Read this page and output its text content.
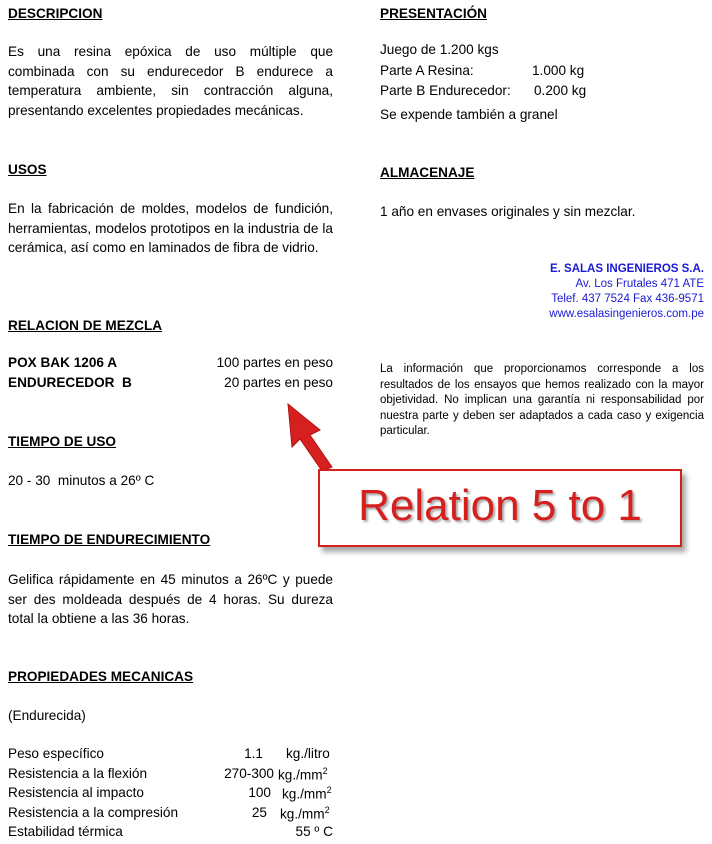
DESCRIPCION
Es una resina epóxica de uso múltiple que combinada con su endurecedor B endurece a temperatura ambiente, sin contracción alguna, presentando excelentes propiedades mecánicas.
USOS
En la fabricación de moldes, modelos de fundición, herramientas, modelos prototipos en la industria de la cerámica, así como en laminados de fibra de vidrio.
RELACION DE MEZCLA
POX BAK 1206 A	100 partes en peso
ENDURECEDOR  B	20 partes en peso
TIEMPO DE USO
20 - 30  minutos a 26º C
TIEMPO DE ENDURECIMIENTO
Gelifica rápidamente en 45 minutos a 26ºC y puede ser des moldeada después de 4 horas. Su dureza total la obtiene a las 36 horas.
PROPIEDADES MECANICAS
(Endurecida)
Peso específico	1.1 kg./litro
Resistencia a la flexión	270-300 $kg./mm^2$
Resistencia al impacto	100 $kg./mm^2$
Resistencia a la compresión	25 $kg./mm^2$
Estabilidad térmica	55 º C
PRESENTACIÓN
Juego de 1.200 kgs
Parte A Resina:	1.000 kg
Parte B Endurecedor: 0.200 kg
Se expende también a granel
ALMACENAJE
1 año en envases originales y sin mezclar.
E. SALAS INGENIEROS S.A.
Av. Los Frutales 471 ATE
Telef. 437 7524 Fax 436-9571
www.esalasingenieros.com.pe
La información que proporcionamos corresponde a los resultados de los ensayos que hemos realizado con la mayor objetividad. No implican una garantía ni responsabilidad por nuestra parte y deben ser adaptados a cada caso y exigencia particular.
Relation 5 to 1
